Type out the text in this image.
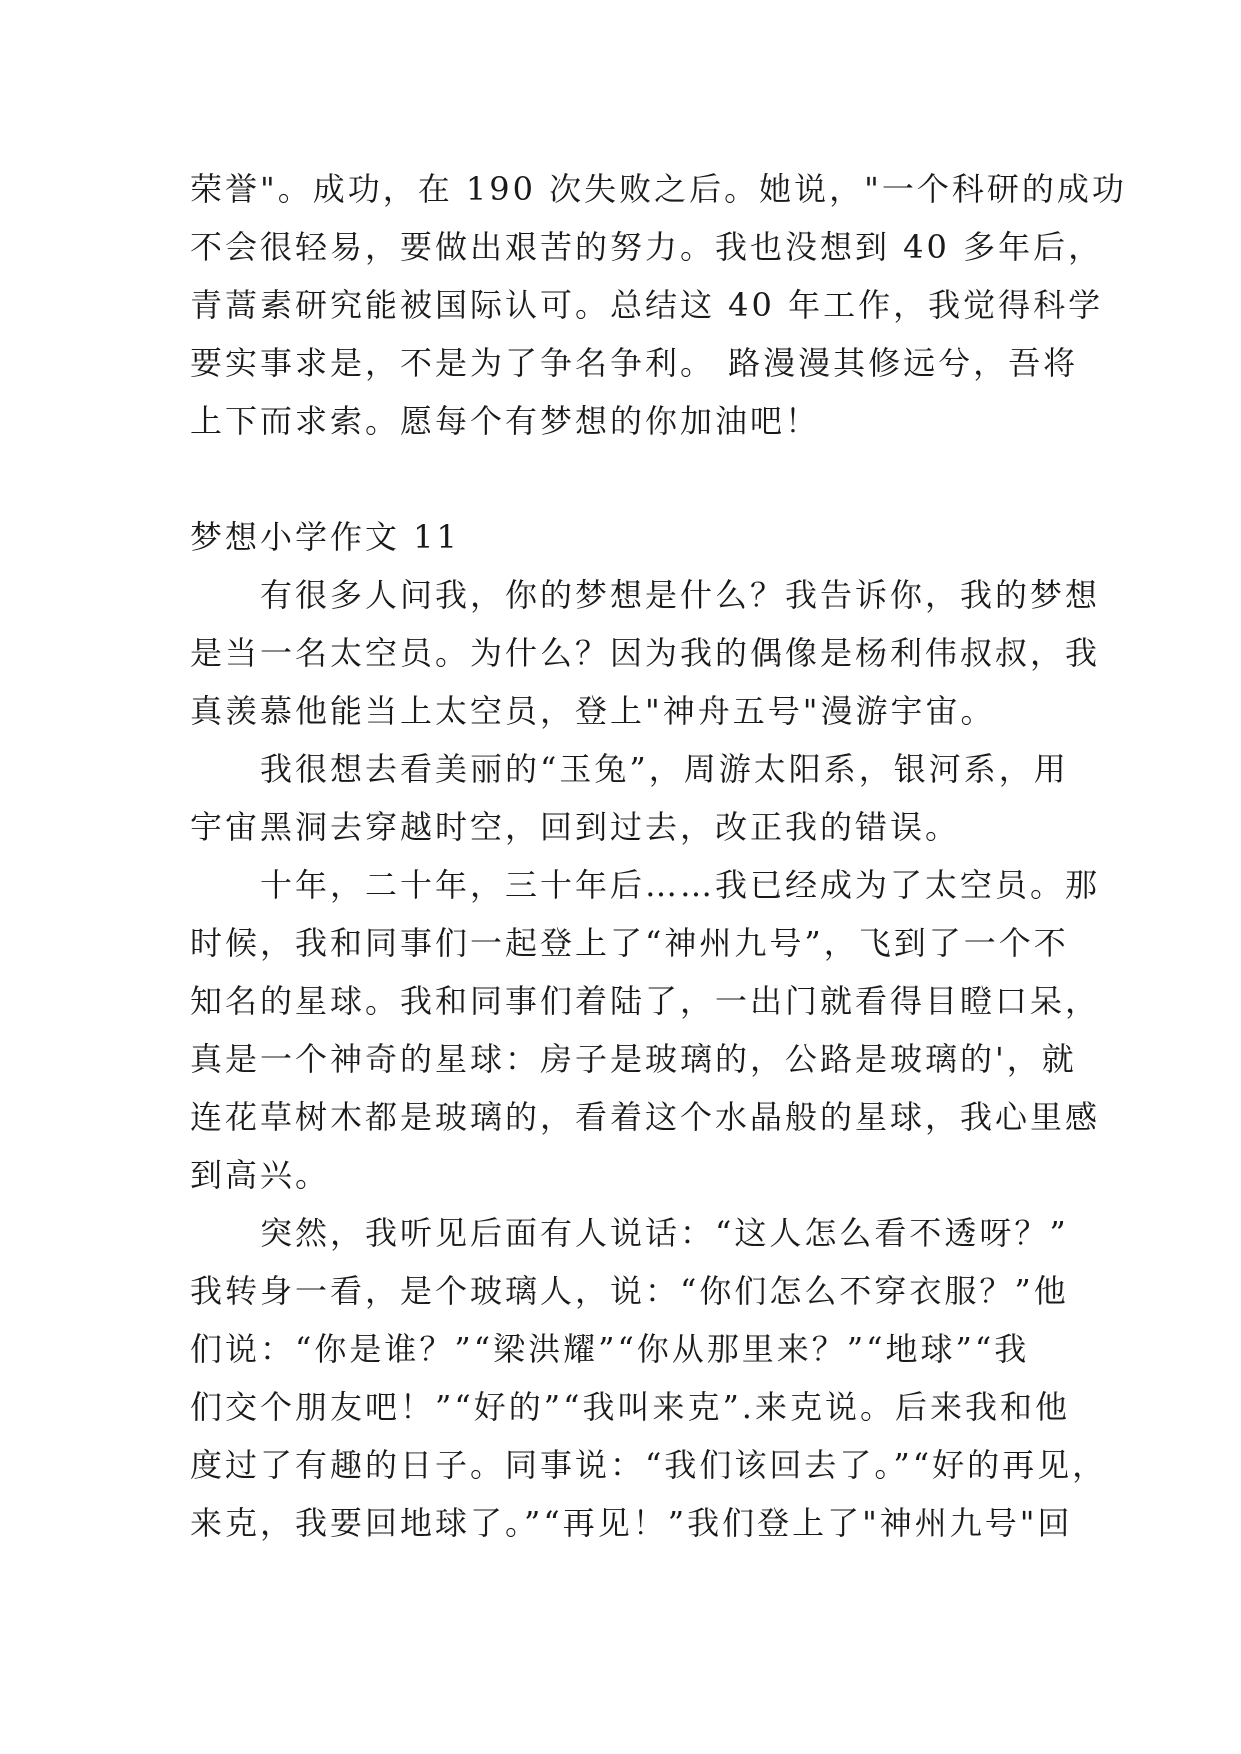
荣誉"。成功，在 190 次失败之后。她说，"一个科研的成功
不会很轻易，要做出艰苦的努力。我也没想到 40 多年后，
青蒿素研究能被国际认可。总结这 40 年工作，我觉得科学
要实事求是，不是为了争名争利。 路漫漫其修远兮，吾将
上下而求索。愿每个有梦想的你加油吧！
梦想小学作文 11
　　有很多人问我，你的梦想是什么？我告诉你，我的梦想
是当一名太空员。为什么？因为我的偶像是杨利伟叔叔，我
真羡慕他能当上太空员，登上"神舟五号"漫游宇宙。
　　我很想去看美丽的“玉兔”，周游太阳系，银河系，用
宇宙黑洞去穿越时空，回到过去，改正我的错误。
　　十年，二十年，三十年后……我已经成为了太空员。那
时候，我和同事们一起登上了“神州九号”，飞到了一个不
知名的星球。我和同事们着陆了，一出门就看得目瞪口呆，
真是一个神奇的星球：房子是玻璃的，公路是玻璃的'，就
连花草树木都是玻璃的，看着这个水晶般的星球，我心里感
到高兴。
　　突然，我听见后面有人说话：“这人怎么看不透呀？”
我转身一看，是个玻璃人，说：“你们怎么不穿衣服？”他
们说：“你是谁？”“梁洪耀”“你从那里来？”“地球”“我
们交个朋友吧！”“好的”“我叫来克”.来克说。后来我和他
度过了有趣的日子。同事说：“我们该回去了。”“好的再见，
来克，我要回地球了。”“再见！”我们登上了"神州九号"回
